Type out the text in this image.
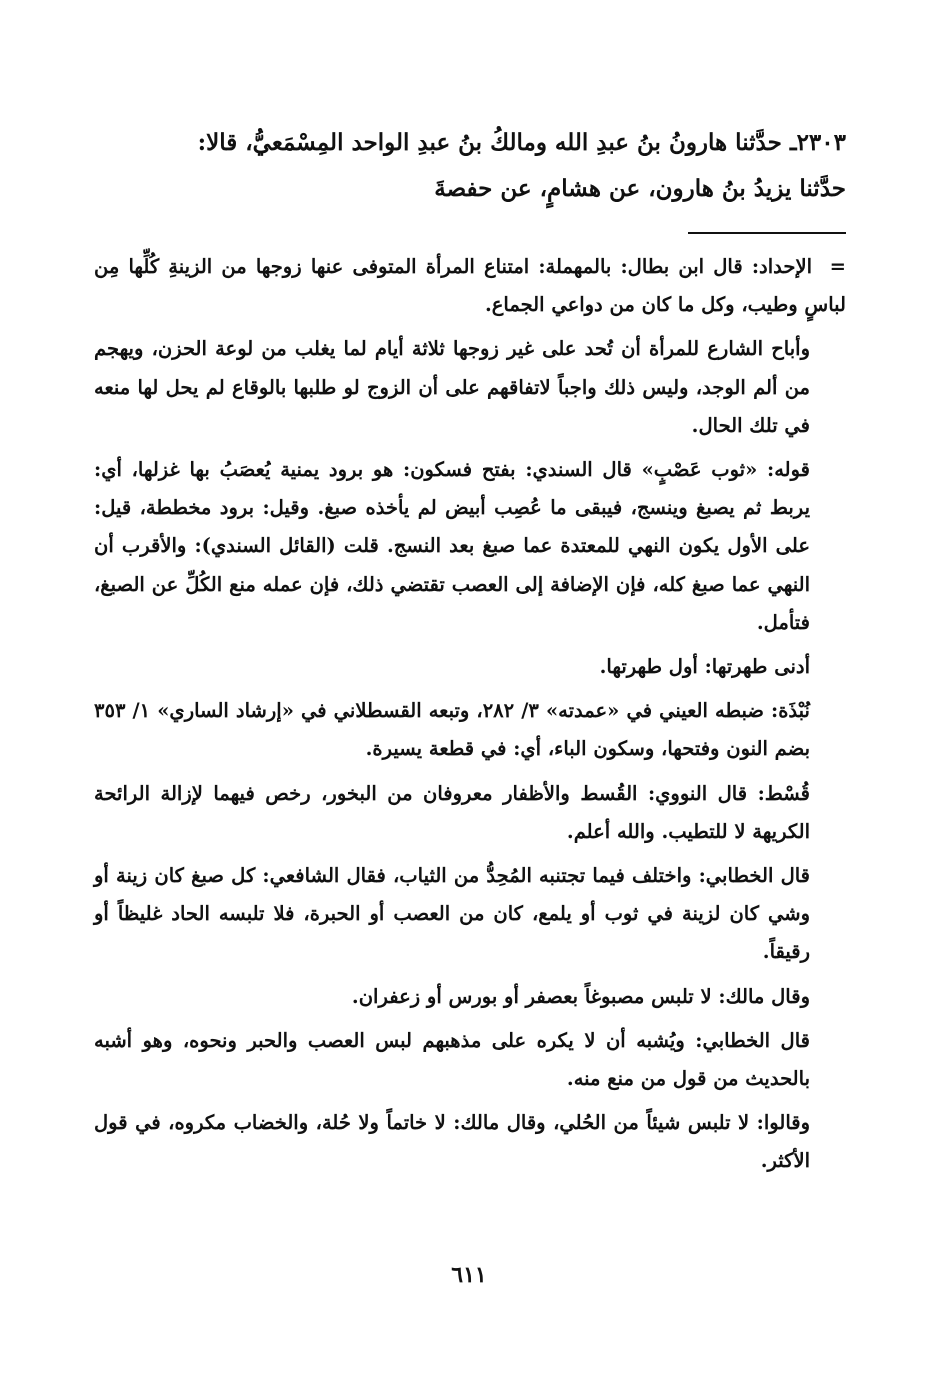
٢٣٠٣ـ حدَّثنا هارونُ بنُ عبدِ الله ومالكُ بنُ عبدِ الواحد المِسْمَعيُّ، قالا:

حدَّثنا يزيدُ بنُ هارون، عن هشامٍ، عن حفصةَ

=الإحداد: قال ابن بطال: بالمهملة: امتناع المرأة المتوفى عنها زوجها من الزينةِ كُلِّها مِن لباسٍ وطيب، وكل ما كان من دواعي الجماع.

وأباح الشارع للمرأة أن تُحد على غير زوجها ثلاثة أيام لما يغلب من لوعة الحزن، ويهجم من ألم الوجد، وليس ذلك واجباً لاتفاقهم على أن الزوج لو طلبها بالوقاع لم يحل لها منعه في تلك الحال.

قوله: «ثوب عَصْبٍ» قال السندي: بفتح فسكون: هو برود يمنية يُعصَبُ بها غزلها، أي: يربط ثم يصبغ وينسج، فيبقى ما عُصِب أبيض لم يأخذه صبغ. وقيل: برود مخططة، قيل: على الأول يكون النهي للمعتدة عما صبغ بعد النسج. قلت (القائل السندي): والأقرب أن النهي عما صبغ كله، فإن الإضافة إلى العصب تقتضي ذلك، فإن عمله منع الكُلِّ عن الصبغ، فتأمل.

أدنى طهرتها: أول طهرتها.

نُبْذَة: ضبطه العيني في «عمدته» ٣/ ٢٨٢، وتبعه القسطلاني في «إرشاد الساري» ١/ ٣٥٣ بضم النون وفتحها، وسكون الباء، أي: في قطعة يسيرة.

قُسْط: قال النووي: القُسط والأظفار معروفان من البخور، رخص فيهما لإزالة الرائحة الكريهة لا للتطيب. والله أعلم.

قال الخطابي: واختلف فيما تجتنبه المُحِدُّ من الثياب، فقال الشافعي: كل صبغ كان زينة أو وشي كان لزينة في ثوب أو يلمع، كان من العصب أو الحبرة، فلا تلبسه الحاد غليظاً أو رقيقاً.

وقال مالك: لا تلبس مصبوغاً بعصفر أو بورس أو زعفران.

قال الخطابي: ويُشبه أن لا يكره على مذهبهم لبس العصب والحبر ونحوه، وهو أشبه بالحديث من قول من منع منه.

وقالوا: لا تلبس شيئاً من الحُلي، وقال مالك: لا خاتماً ولا حُلة، والخضاب مكروه، في قول الأكثر.

٦١١
